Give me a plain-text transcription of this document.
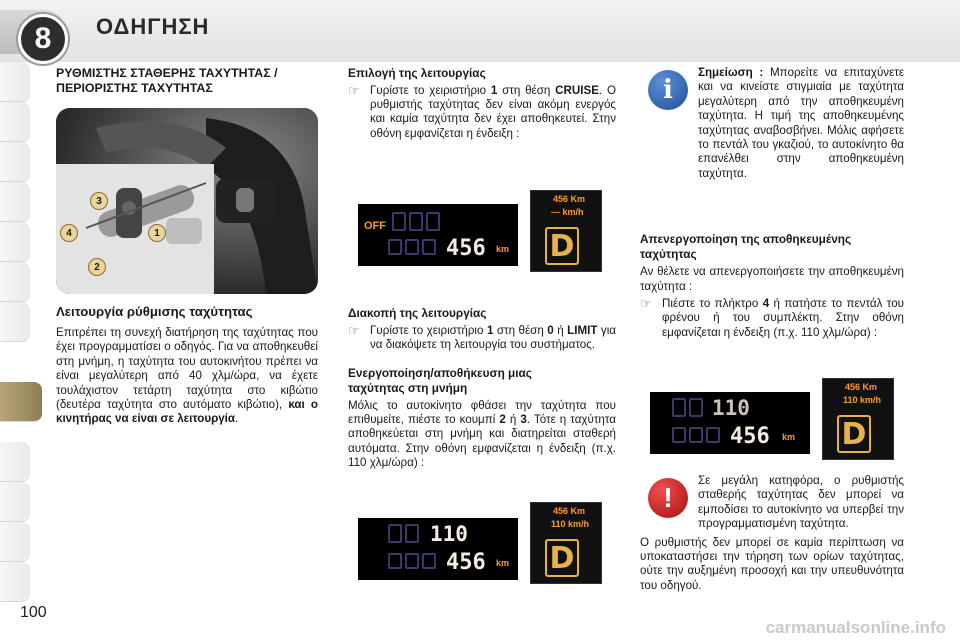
8	ΟΔΗΓΗΣΗ
ΡΥΘΜΙΣΤΗΣ ΣΤΑΘΕΡΗΣ ΤΑΧΥΤΗΤΑΣ /
ΠΕΡΙΟΡΙΣΤΗΣ ΤΑΧΥΤΗΤΑΣ
3
4	1
2
Λειτουργία ρύθμισης ταχύτητας
Επιτρέπει τη συνεχή διατήρηση της ταχύτητας που έχει προγραμματίσει ο οδηγός. Για να αποθηκευθεί στη μνήμη, η ταχύτητα του αυτοκινήτου πρέπει να είναι μεγαλύτερη από 40 χλμ/ώρα, να έχετε τουλάχιστον τετάρτη ταχύτητα στο κιβώτιο (δευτέρα ταχύτητα στο αυτόματο κιβώτιο), και ο κινητήρας να είναι σε λειτουργία.
Επιλογή της λειτουργίας
☞ Γυρίστε το χειριστήριο 1 στη θέση CRUISE. Ο ρυθμιστής ταχύτητας δεν είναι ακόμη ενεργός και καμία ταχύτητα δεν έχει αποθηκευτεί. Στην οθόνη εμφανίζεται η ένδειξη :
OFF
456 km
456 Km
--- km/h
D
Διακοπή της λειτουργίας
☞ Γυρίστε το χειριστήριο 1 στη θέση 0 ή LIMIT για να διακόψετε τη λειτουργία του συστήματος.
Ενεργοποίηση/αποθήκευση μιας
ταχύτητας στη μνήμη
Μόλις το αυτοκίνητο φθάσει την ταχύτητα που επιθυμείτε, πιέστε το κουμπί 2 ή 3. Τότε η ταχύτητα αποθηκεύεται στη μνήμη και διατηρείται σταθερή αυτόματα. Στην οθόνη εμφανίζεται η ένδειξη (π.χ. 110 χλμ/ώρα) :
110
456 km
456 Km
110 km/h
D
i
Σημείωση : Μπορείτε να επιταχύνετε και να κινείστε στιγμιαία με ταχύτητα μεγαλύτερη από την αποθηκευμένη ταχύτητα. Η τιμή της αποθηκευμένης ταχύτητας αναβοσβήνει. Μόλις αφήσετε το πεντάλ του γκαζιού, το αυτοκίνητο θα επανέλθει στην αποθηκευμένη ταχύτητα.
Απενεργοποίηση της αποθηκευμένης
ταχύτητας
Αν θέλετε να απενεργοποιήσετε την αποθηκευμένη ταχύτητα :
☞ Πιέστε το πλήκτρο 4 ή πατήστε το πεντάλ του φρένου ή του συμπλέκτη. Στην οθόνη εμφανίζεται η ένδειξη (π.χ. 110 χλμ/ώρα) :
110
456 km
456 Km
110 km/h
D
!
Σε μεγάλη κατηφόρα, ο ρυθμιστής σταθερής ταχύτητας δεν μπορεί να εμποδίσει το αυτοκίνητο να υπερβεί την προγραμματισμένη ταχύτητα.
Ο ρυθμιστής δεν μπορεί σε καμία περίπτωση να υποκαταστήσει την τήρηση των ορίων ταχύτητας, ούτε την αυξημένη προσοχή και την υπευθυνότητα του οδηγού.
100
carmanualsonline.info
